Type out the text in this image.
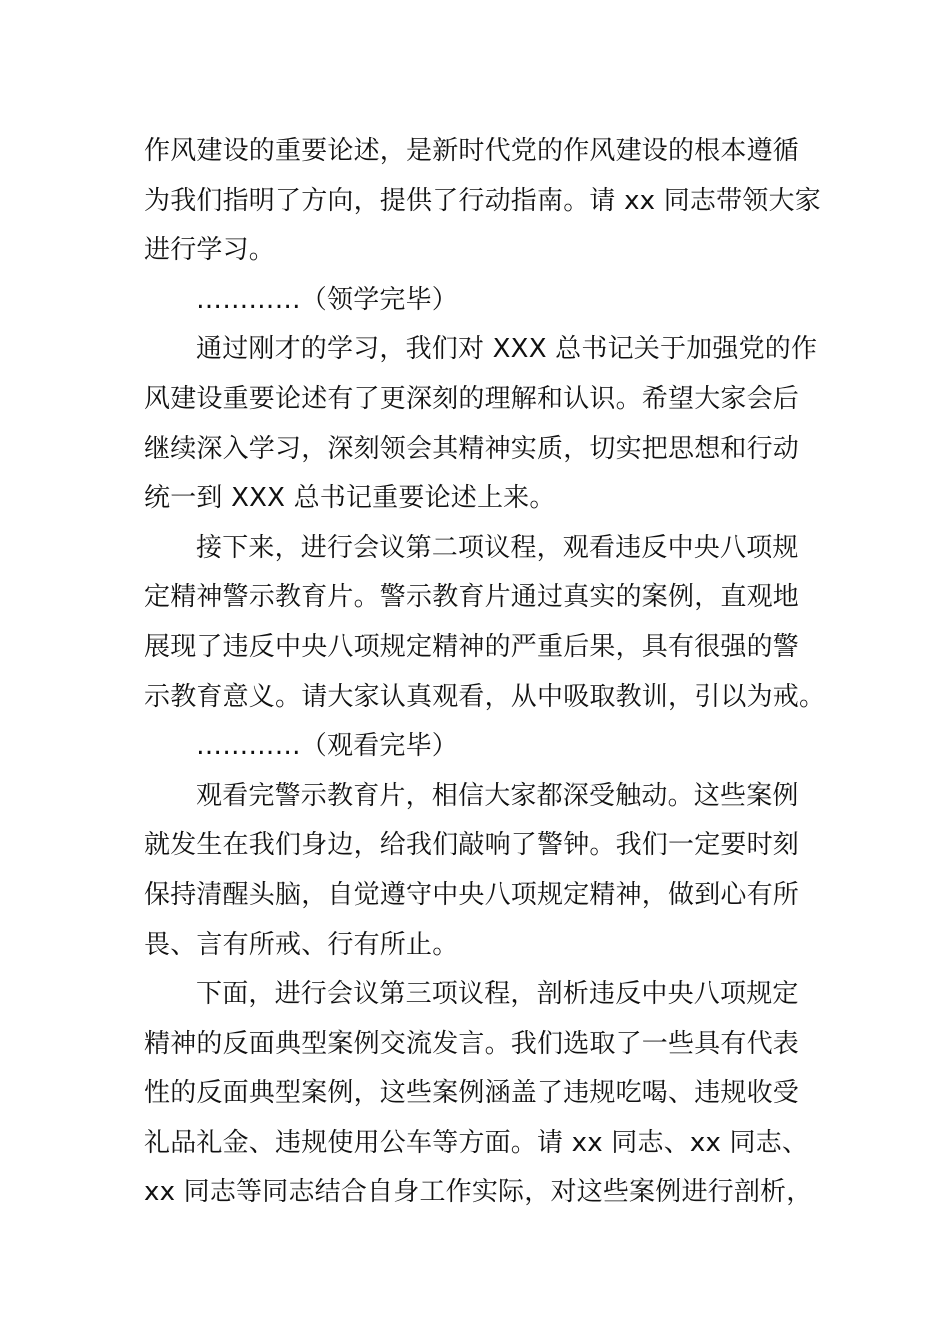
作风建设的重要论述，是新时代党的作风建设的根本遵循
为我们指明了方向，提供了行动指南。请 xx 同志带领大家
进行学习。
…………（领学完毕）
通过刚才的学习，我们对 XXX 总书记关于加强党的作
风建设重要论述有了更深刻的理解和认识。希望大家会后
继续深入学习，深刻领会其精神实质，切实把思想和行动
统一到 XXX 总书记重要论述上来。
接下来，进行会议第二项议程，观看违反中央八项规
定精神警示教育片。警示教育片通过真实的案例，直观地
展现了违反中央八项规定精神的严重后果，具有很强的警
示教育意义。请大家认真观看，从中吸取教训，引以为戒。
…………（观看完毕）
观看完警示教育片，相信大家都深受触动。这些案例
就发生在我们身边，给我们敲响了警钟。我们一定要时刻
保持清醒头脑，自觉遵守中央八项规定精神，做到心有所
畏、言有所戒、行有所止。
下面，进行会议第三项议程，剖析违反中央八项规定
精神的反面典型案例交流发言。我们选取了一些具有代表
性的反面典型案例，这些案例涵盖了违规吃喝、违规收受
礼品礼金、违规使用公车等方面。请 xx 同志、xx 同志、
xx 同志等同志结合自身工作实际，对这些案例进行剖析，
